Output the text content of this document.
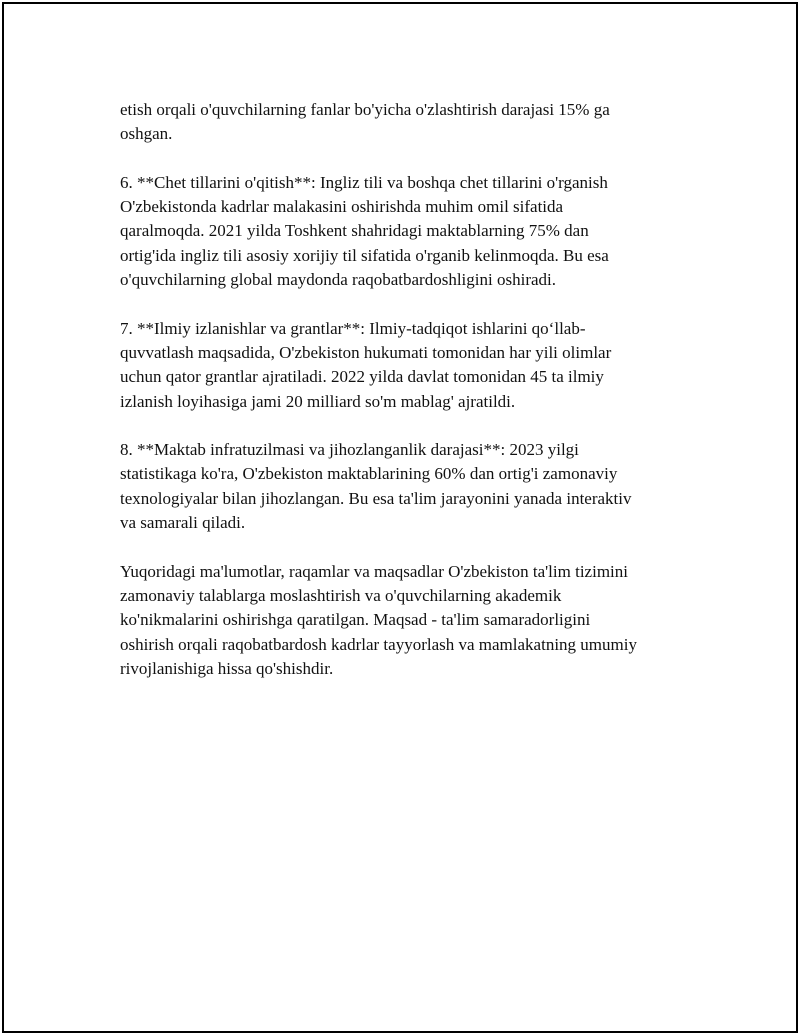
etish orqali o'quvchilarning fanlar bo'yicha o'zlashtirish darajasi 15% ga
oshgan.

6. **Chet tillarini o'qitish**: Ingliz tili va boshqa chet tillarini o'rganish
O'zbekistonda kadrlar malakasini oshirishda muhim omil sifatida
qaralmoqda. 2021 yilda Toshkent shahridagi maktablarning 75% dan
ortig'ida ingliz tili asosiy xorijiy til sifatida o'rganib kelinmoqda. Bu esa
o'quvchilarning global maydonda raqobatbardoshligini oshiradi.

7. **Ilmiy izlanishlar va grantlar**: Ilmiy-tadqiqot ishlarini qo‘llab-
quvvatlash maqsadida, O'zbekiston hukumati tomonidan har yili olimlar
uchun qator grantlar ajratiladi. 2022 yilda davlat tomonidan 45 ta ilmiy
izlanish loyihasiga jami 20 milliard so'm mablag' ajratildi.

8. **Maktab infratuzilmasi va jihozlanganlik darajasi**: 2023 yilgi
statistikaga ko'ra, O'zbekiston maktablarining 60% dan ortig'i zamonaviy
texnologiyalar bilan jihozlangan. Bu esa ta'lim jarayonini yanada interaktiv
va samarali qiladi.

Yuqoridagi ma'lumotlar, raqamlar va maqsadlar O'zbekiston ta'lim tizimini
zamonaviy talablarga moslashtirish va o'quvchilarning akademik
ko'nikmalarini oshirishga qaratilgan. Maqsad - ta'lim samaradorligini
oshirish orqali raqobatbardosh kadrlar tayyorlash va mamlakatning umumiy
rivojlanishiga hissa qo'shishdir.
